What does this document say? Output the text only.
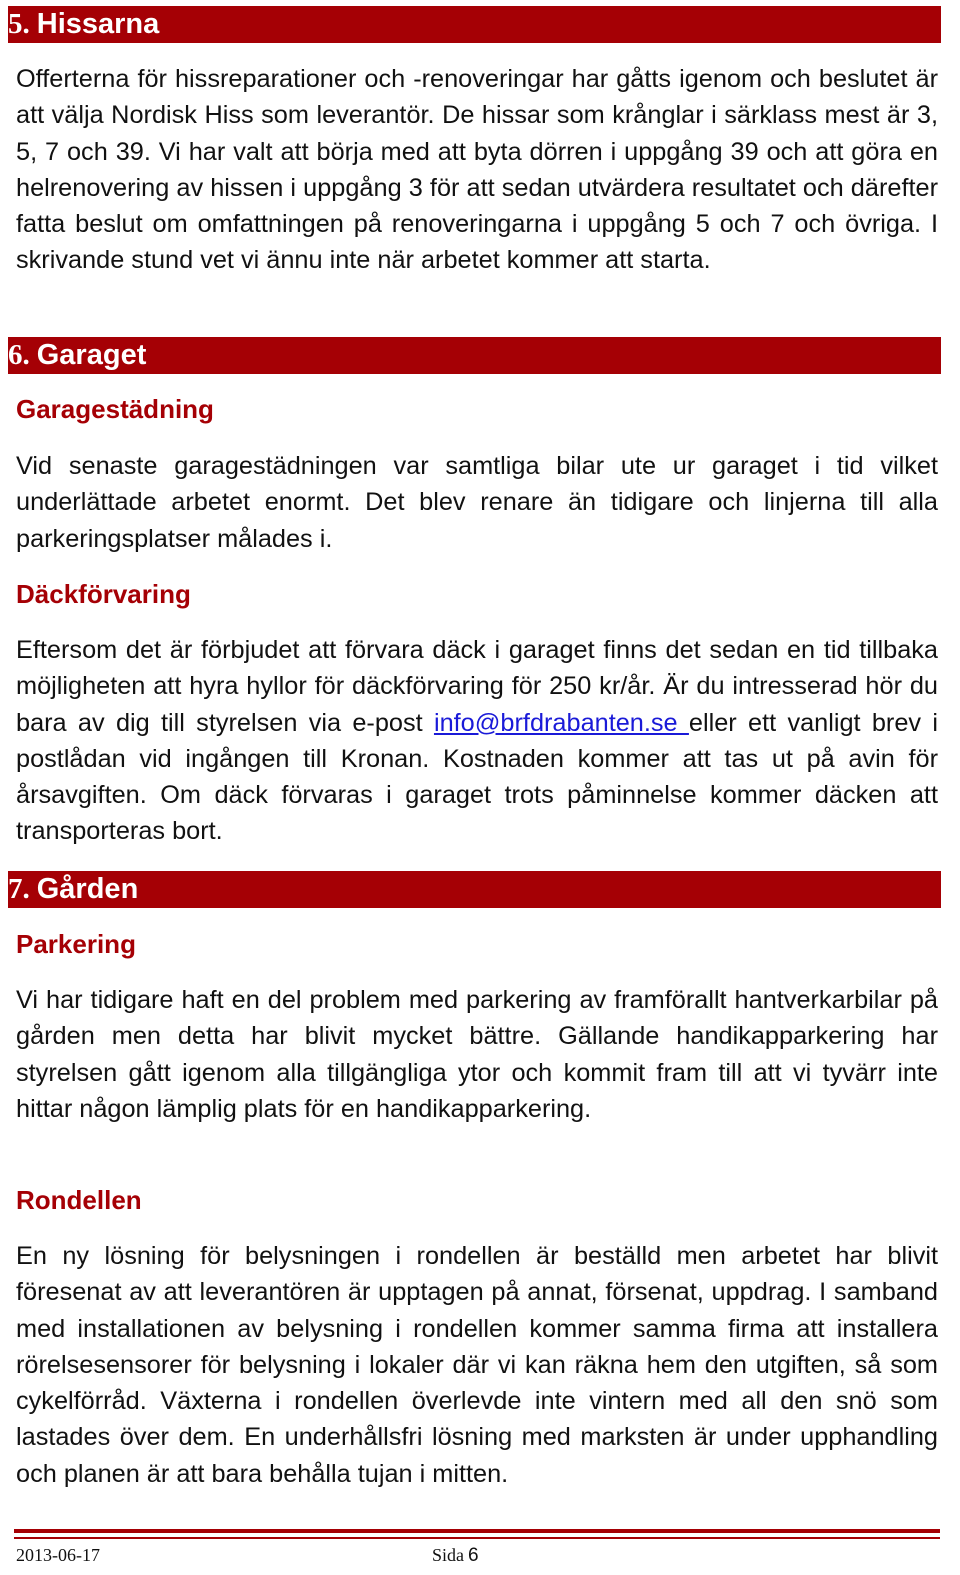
5. Hissarna

Offerterna för hissreparationer och -renoveringar har gåtts igenom och beslutet är att välja Nordisk Hiss som leverantör. De hissar som krånglar i särklass mest är 3, 5, 7 och 39. Vi har valt att börja med att byta dörren i uppgång 39 och att göra en helrenovering av hissen i uppgång 3 för att sedan utvärdera resultatet och därefter fatta beslut om omfattningen på renoveringarna i uppgång 5 och 7 och övriga. I skrivande stund vet vi ännu inte när arbetet kommer att starta.

6. Garaget
Garagestädning

Vid senaste garagestädningen var samtliga bilar ute ur garaget i tid vilket underlättade arbetet enormt. Det blev renare än tidigare och linjerna till alla parkeringsplatser målades i.

Däckförvaring

Eftersom det är förbjudet att förvara däck i garaget finns det sedan en tid tillbaka möjligheten att hyra hyllor för däckförvaring för 250 kr/år. Är du intresserad hör du bara av dig till styrelsen via e-post info@brfdrabanten.se eller ett vanligt brev i postlådan vid ingången till Kronan. Kostnaden kommer att tas ut på avin för årsavgiften. Om däck förvaras i garaget trots påminnelse kommer däcken att transporteras bort.

7. Gården
Parkering

Vi har tidigare haft en del problem med parkering av framförallt hantverkarbilar på gården men detta har blivit mycket bättre. Gällande handikapparkering har styrelsen gått igenom alla tillgängliga ytor och kommit fram till att vi tyvärr inte hittar någon lämplig plats för en handikapparkering.

Rondellen

En ny lösning för belysningen i rondellen är beställd men arbetet har blivit föresenat av att leverantören är upptagen på annat, försenat, uppdrag. I samband med installationen av belysning i rondellen kommer samma firma att installera rörelsesensorer för belysning i lokaler där vi kan räkna hem den utgiften, så som cykelförråd. Växterna i rondellen överlevde inte vintern med all den snö som lastades över dem. En underhållsfri lösning med marksten är under upphandling och planen är att bara behålla tujan i mitten.

2013-06-17	Sida 6
